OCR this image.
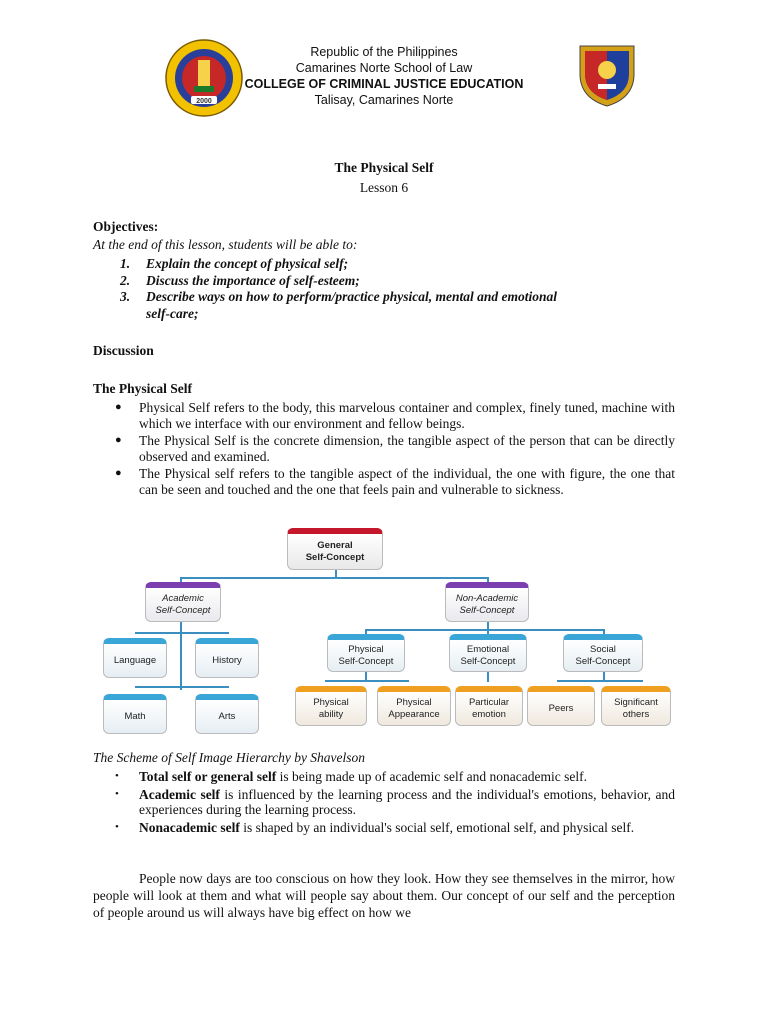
2000
Republic of the Philippines
Camarines Norte School of Law
COLLEGE OF CRIMINAL JUSTICE EDUCATION
Talisay, Camarines Norte
The Physical Self
Lesson 6
Objectives:
At the end of this lesson, students will be able to:
1. Explain the concept of physical self;
2. Discuss the importance of self-esteem;
3. Describe ways on how to perform/practice physical, mental and emotional self-care;
Discussion
The Physical Self
● Physical Self refers to the body, this marvelous container and complex, finely tuned, machine with which we interface with our environment and fellow beings.
● The Physical Self is the concrete dimension, the tangible aspect of the person that can be directly observed and examined.
● The Physical self refers to the tangible aspect of the individual, the one with figure, the one that can be seen and touched and the one that feels pain and vulnerable to sickness.
General
Self-Concept
Academic
Self-Concept
Non-Academic
Self-Concept
Language	History
Math	Arts
Physical
Self-Concept
Emotional
Self-Concept
Social
Self-Concept
Physical
ability
Physical
Appearance
Particular
emotion
Peers
Significant
others
The Scheme of Self Image Hierarchy by Shavelson
• Total self or general self is being made up of academic self and nonacademic self.
• Academic self is influenced by the learning process and the individual's emotions, behavior, and experiences during the learning process.
• Nonacademic self is shaped by an individual's social self, emotional self, and physical self.
People now days are too conscious on how they look. How they see themselves in the mirror, how people will look at them and what will people say about them. Our concept of our self and the perception of people around us will always have big effect on how we
